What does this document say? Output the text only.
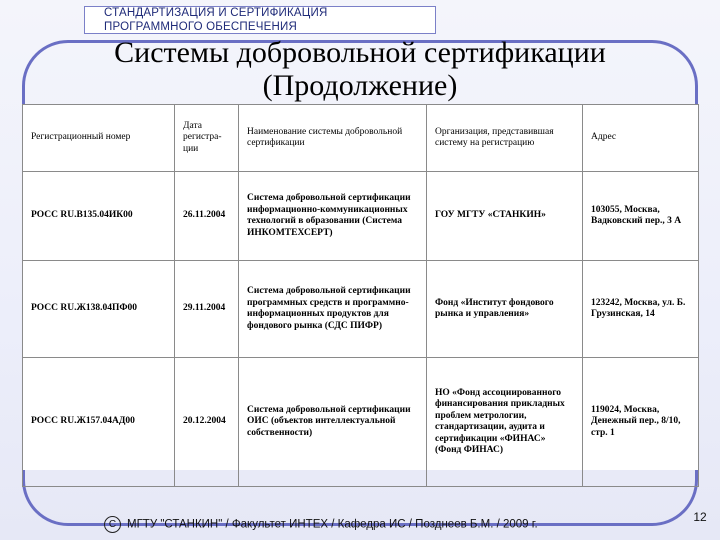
СТАНДАРТИЗАЦИЯ И СЕРТИФИКАЦИЯ
ПРОГРАММНОГО ОБЕСПЕЧЕНИЯ
Системы добровольной сертификации
(Продолжение)
Регистрационный номер	Дата регистра-ции	Наименование системы добровольной сертификации	Организация, представившая систему на регистрацию	Адрес
РОСС RU.В135.04ИК00	26.11.2004	Система добровольной сертификации информационно-коммуникационных технологий в образовании (Система ИНКОМТЕХСЕРТ)	ГОУ МГТУ «СТАНКИН»	103055, Москва, Вадковский пер., 3 А
РОСС RU.Ж138.04ПФ00	29.11.2004	Система добровольной сертификации программных средств и программно-информационных продуктов для фондового рынка (СДС ПИФР)	Фонд «Институт фондового рынка и управления»	123242, Москва, ул. Б. Грузинская, 14
РОСС RU.Ж157.04АД00	20.12.2004	Система добровольной сертификации ОИС (объектов интеллектуальной собственности)	НО «Фонд ассоциированного финансирования прикладных проблем метрологии, стандартизации, аудита и сертификации «ФИНАС» (Фонд ФИНАС)	119024, Москва, Денежный пер., 8/10, стр. 1
С МГТУ "СТАНКИН" / Факультет ИНТЕХ / Кафедра ИС / Позднеев Б.М. / 2009 г.
12
